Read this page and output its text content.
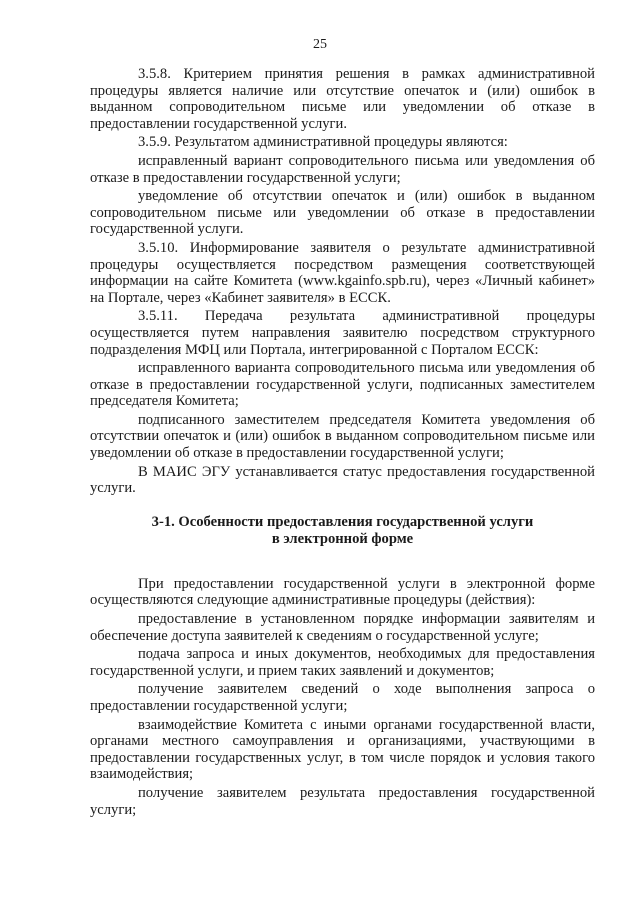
25

3.5.8. Критерием принятия решения в рамках административной процедуры является наличие или отсутствие опечаток и (или) ошибок в выданном сопроводительном письме или уведомлении об отказе в предоставлении государственной услуги.

3.5.9. Результатом административной процедуры являются:

исправленный вариант сопроводительного письма или уведомления об отказе в предоставлении государственной услуги;

уведомление об отсутствии опечаток и (или) ошибок в выданном сопроводительном письме или уведомлении об отказе в предоставлении государственной услуги.

3.5.10. Информирование заявителя о результате административной процедуры осуществляется посредством размещения соответствующей информации на сайте Комитета (www.kgainfo.spb.ru), через «Личный кабинет» на Портале, через «Кабинет заявителя» в ЕССК.

3.5.11. Передача результата административной процедуры осуществляется путем направления заявителю посредством структурного подразделения МФЦ или Портала, интегрированной с Порталом ЕССК:

исправленного варианта сопроводительного письма или уведомления об отказе в предоставлении государственной услуги, подписанных заместителем председателя Комитета;

подписанного заместителем председателя Комитета уведомления об отсутствии опечаток и (или) ошибок в выданном сопроводительном письме или уведомлении об отказе в предоставлении государственной услуги;

В МАИС ЭГУ устанавливается статус предоставления государственной услуги.

3-1. Особенности предоставления государственной услуги
в электронной форме

При предоставлении государственной услуги в электронной форме осуществляются следующие административные процедуры (действия):

предоставление в установленном порядке информации заявителям и обеспечение доступа заявителей к сведениям о государственной услуге;

подача запроса и иных документов, необходимых для предоставления государственной услуги, и прием таких заявлений и документов;

получение заявителем сведений о ходе выполнения запроса о предоставлении государственной услуги;

взаимодействие Комитета с иными органами государственной власти, органами местного самоуправления и организациями, участвующими в предоставлении государственных услуг, в том числе порядок и условия такого взаимодействия;

получение заявителем результата предоставления государственной услуги;
